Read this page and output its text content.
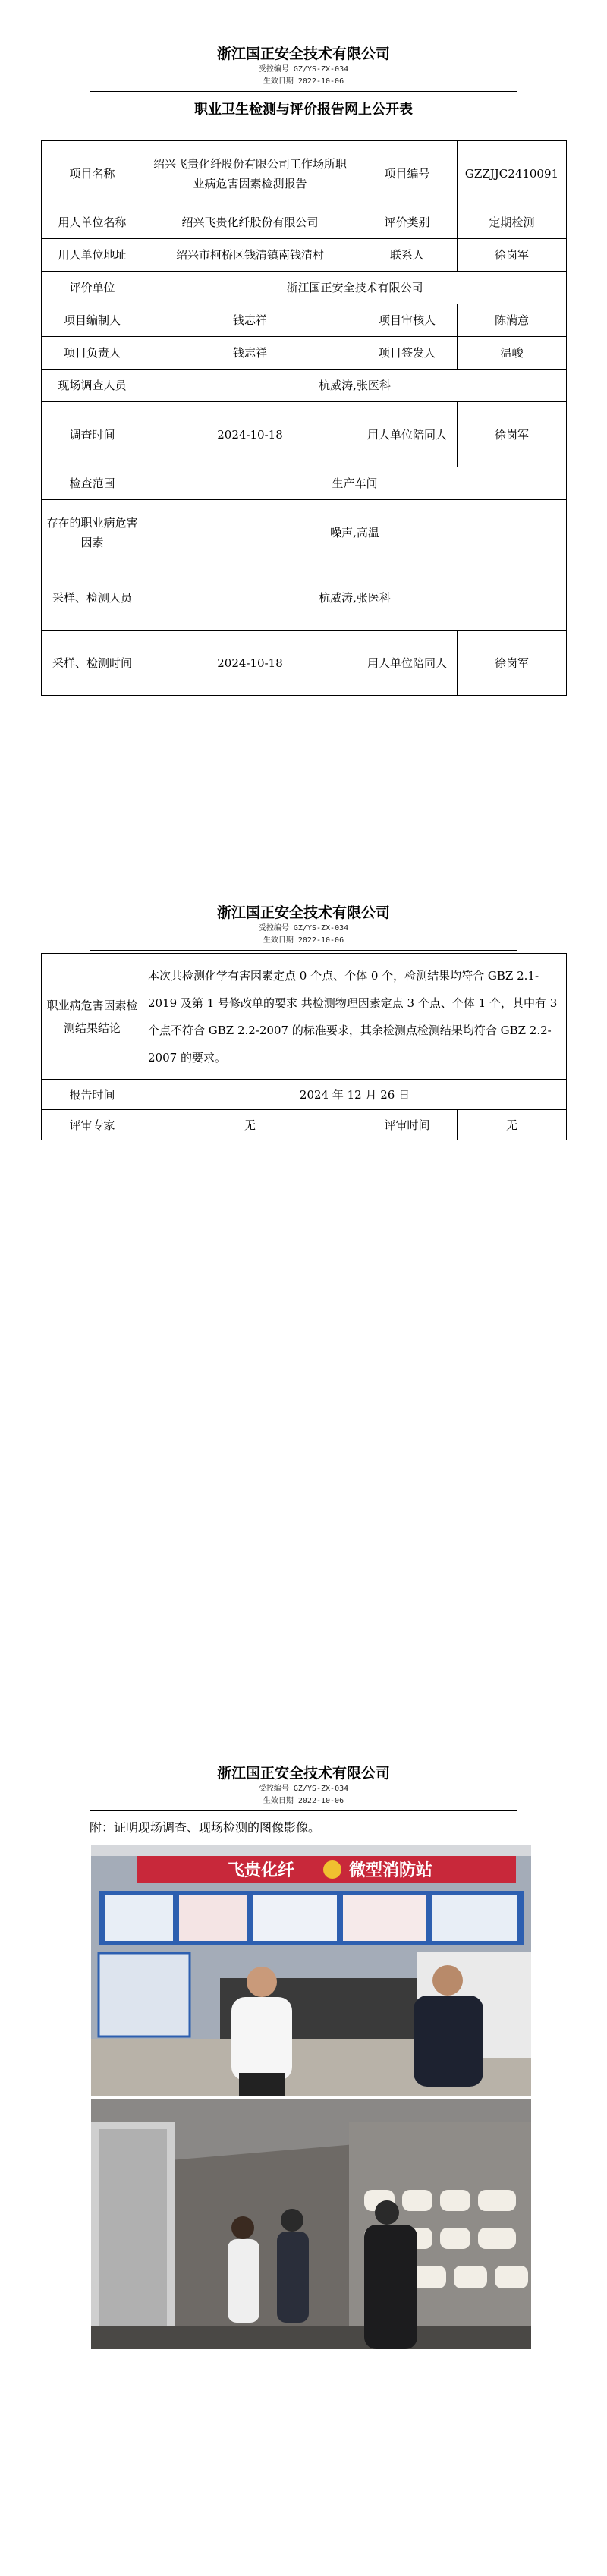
浙江国正安全技术有限公司
受控编号 GZ/YS-ZX-034
生效日期 2022-10-06
职业卫生检测与评价报告网上公开表
项目名称	绍兴飞贵化纤股份有限公司工作场所职业病危害因素检测报告	项目编号	GZZJJC2410091
用人单位名称	绍兴飞贵化纤股份有限公司	评价类别	定期检测
用人单位地址	绍兴市柯桥区钱清镇南钱清村	联系人	徐岗军
评价单位	浙江国正安全技术有限公司		
项目编制人	钱志祥	项目审核人	陈满意
项目负责人	钱志祥	项目签发人	温峻
现场调查人员	杭威涛,张医科		
调查时间	2024-10-18	用人单位陪同人	徐岗军
检查范围	生产车间		
存在的职业病危害因素	噪声,高温		
采样、检测人员	杭威涛,张医科		
采样、检测时间	2024-10-18	用人单位陪同人	徐岗军
浙江国正安全技术有限公司
受控编号 GZ/YS-ZX-034
生效日期 2022-10-06
职业病危害因素检测结果结论	本次共检测化学有害因素定点 0 个点、个体 0 个，检测结果均符合 GBZ 2.1-2019 及第 1 号修改单的要求 共检测物理因素定点 3 个点、个体 1 个，其中有 3 个点不符合 GBZ 2.2-2007 的标准要求，其余检测点检测结果均符合 GBZ 2.2-2007 的要求。		
报告时间	2024 年 12 月 26 日		
评审专家	无	评审时间	无
浙江国正安全技术有限公司
受控编号 GZ/YS-ZX-034
生效日期 2022-10-06
附：证明现场调查、现场检测的图像影像。
飞贵化纤	微型消防站
